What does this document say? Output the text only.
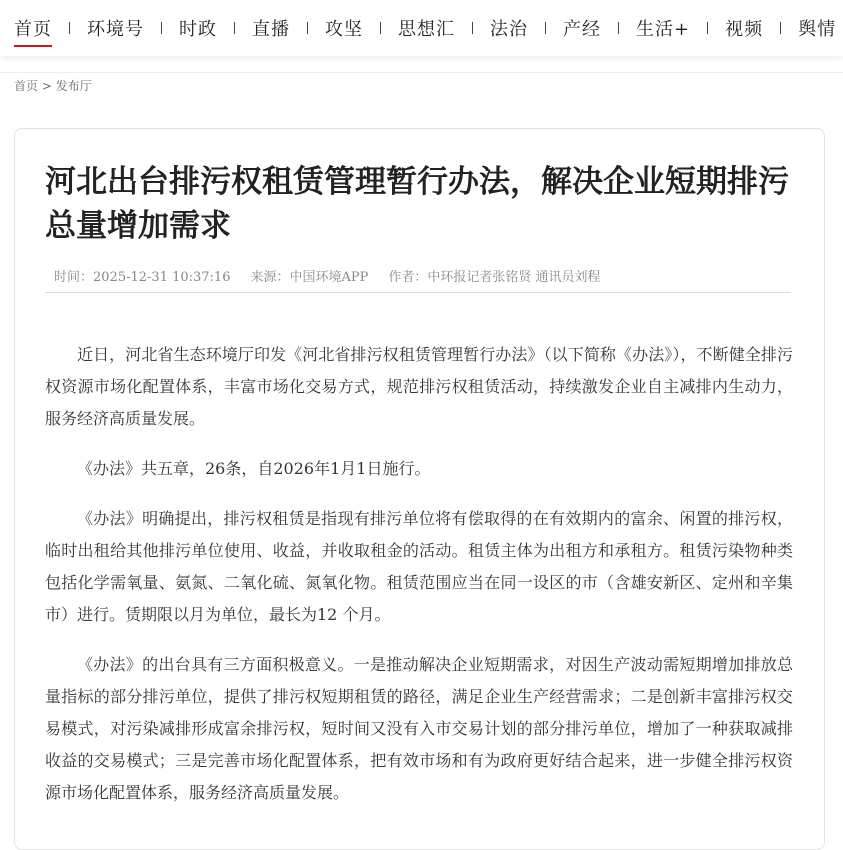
首页 环境号 时政 直播 攻坚 思想汇 法治 产经 生活+ 视频 舆情
首页 > 发布厅
河北出台排污权租赁管理暂行办法，解决企业短期排污总量增加需求
时间：2025-12-31 10:37:16 来源：中国环境APP 作者：中环报记者张铭贤 通讯员刘程

近日，河北省生态环境厅印发《河北省排污权租赁管理暂行办法》（以下简称《办法》），不断健全排污权资源市场化配置体系，丰富市场化交易方式，规范排污权租赁活动，持续激发企业自主减排内生动力，服务经济高质量发展。

《办法》共五章，26条，自2026年1月1日施行。

《办法》明确提出，排污权租赁是指现有排污单位将有偿取得的在有效期内的富余、闲置的排污权，临时出租给其他排污单位使用、收益，并收取租金的活动。租赁主体为出租方和承租方。租赁污染物种类包括化学需氧量、氨氮、二氧化硫、氮氧化物。租赁范围应当在同一设区的市（含雄安新区、定州和辛集市）进行。赁期限以月为单位，最长为12 个月。

《办法》的出台具有三方面积极意义。一是推动解决企业短期需求，对因生产波动需短期增加排放总量指标的部分排污单位，提供了排污权短期租赁的路径，满足企业生产经营需求；二是创新丰富排污权交易模式，对污染减排形成富余排污权，短时间又没有入市交易计划的部分排污单位，增加了一种获取减排收益的交易模式；三是完善市场化配置体系，把有效市场和有为政府更好结合起来，进一步健全排污权资源市场化配置体系，服务经济高质量发展。
